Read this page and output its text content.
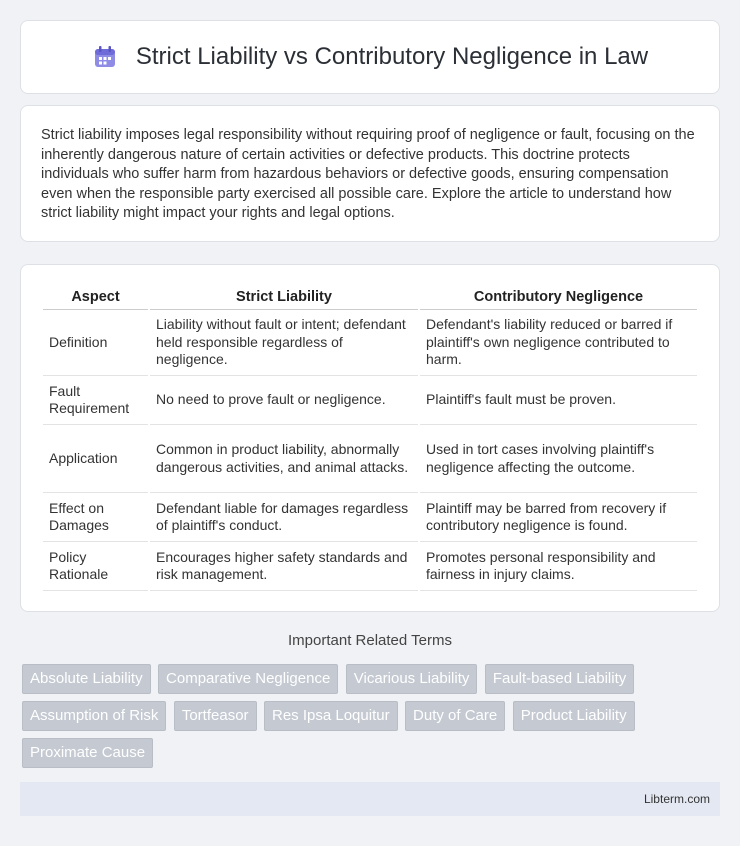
Strict Liability vs Contributory Negligence in Law

Strict liability imposes legal responsibility without requiring proof of negligence or fault, focusing on the inherently dangerous nature of certain activities or defective products. This doctrine protects individuals who suffer harm from hazardous behaviors or defective goods, ensuring compensation even when the responsible party exercised all possible care. Explore the article to understand how strict liability might impact your rights and legal options.

Aspect	Strict Liability	Contributory Negligence
Definition	Liability without fault or intent; defendant held responsible regardless of negligence.	Defendant's liability reduced or barred if plaintiff's own negligence contributed to harm.
Fault Requirement	No need to prove fault or negligence.	Plaintiff's fault must be proven.
Application	Common in product liability, abnormally dangerous activities, and animal attacks.	Used in tort cases involving plaintiff's negligence affecting the outcome.
Effect on Damages	Defendant liable for damages regardless of plaintiff's conduct.	Plaintiff may be barred from recovery if contributory negligence is found.
Policy Rationale	Encourages higher safety standards and risk management.	Promotes personal responsibility and fairness in injury claims.
Important Related Terms
Absolute Liability Comparative Negligence Vicarious Liability Fault-based Liability Assumption of Risk Tortfeasor Res Ipsa Loquitur Duty of Care Product Liability Proximate Cause
Libterm.com
